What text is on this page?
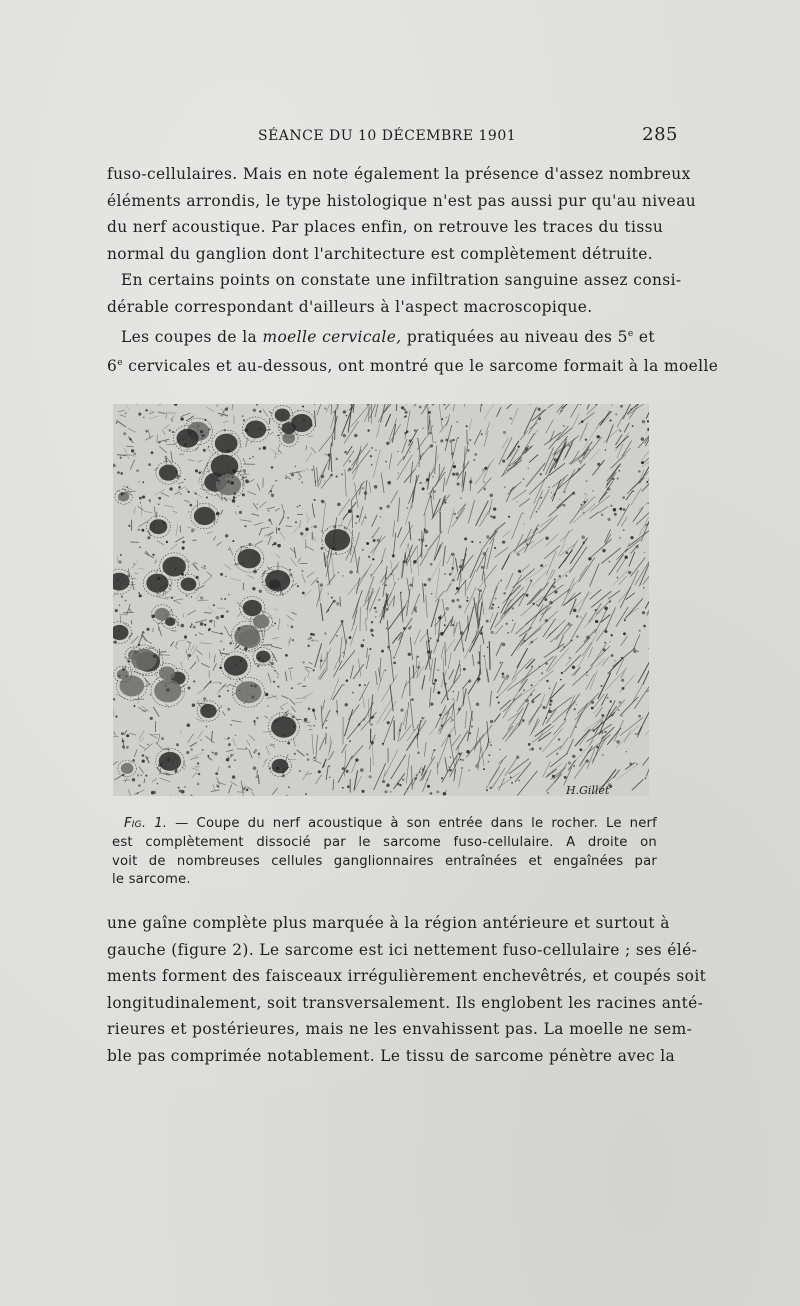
SÉANCE DU 10 DÉCEMBRE 1901	285

fuso-cellulaires. Mais en note également la présence d'assez nombreux
éléments arrondis, le type histologique n'est pas aussi pur qu'au niveau
du nerf acoustique. Par places enfin, on retrouve les traces du tissu
normal du ganglion dont l'architecture est complètement détruite.

En certains points on constate une infiltration sanguine assez consi-
dérable correspondant d'ailleurs à l'aspect macroscopique.

Les coupes de la moelle cervicale, pratiquées au niveau des 5e et
6e cervicales et au-dessous, ont montré que le sarcome formait à la moelle

H.Gillet
Fig. 1. — Coupe du nerf acoustique à son entrée dans le rocher. Le nerf
est complètement dissocié par le sarcome fuso-cellulaire. A droite on
voit de nombreuses cellules ganglionnaires entraînées et engaînées par
le sarcome.

une gaîne complète plus marquée à la région antérieure et surtout à
gauche (figure 2). Le sarcome est ici nettement fuso-cellulaire ; ses élé-
ments forment des faisceaux irrégulièrement enchevêtrés, et coupés soit
longitudinalement, soit transversalement. Ils englobent les racines anté-
rieures et postérieures, mais ne les envahissent pas. La moelle ne sem-
ble pas comprimée notablement. Le tissu de sarcome pénètre avec la
